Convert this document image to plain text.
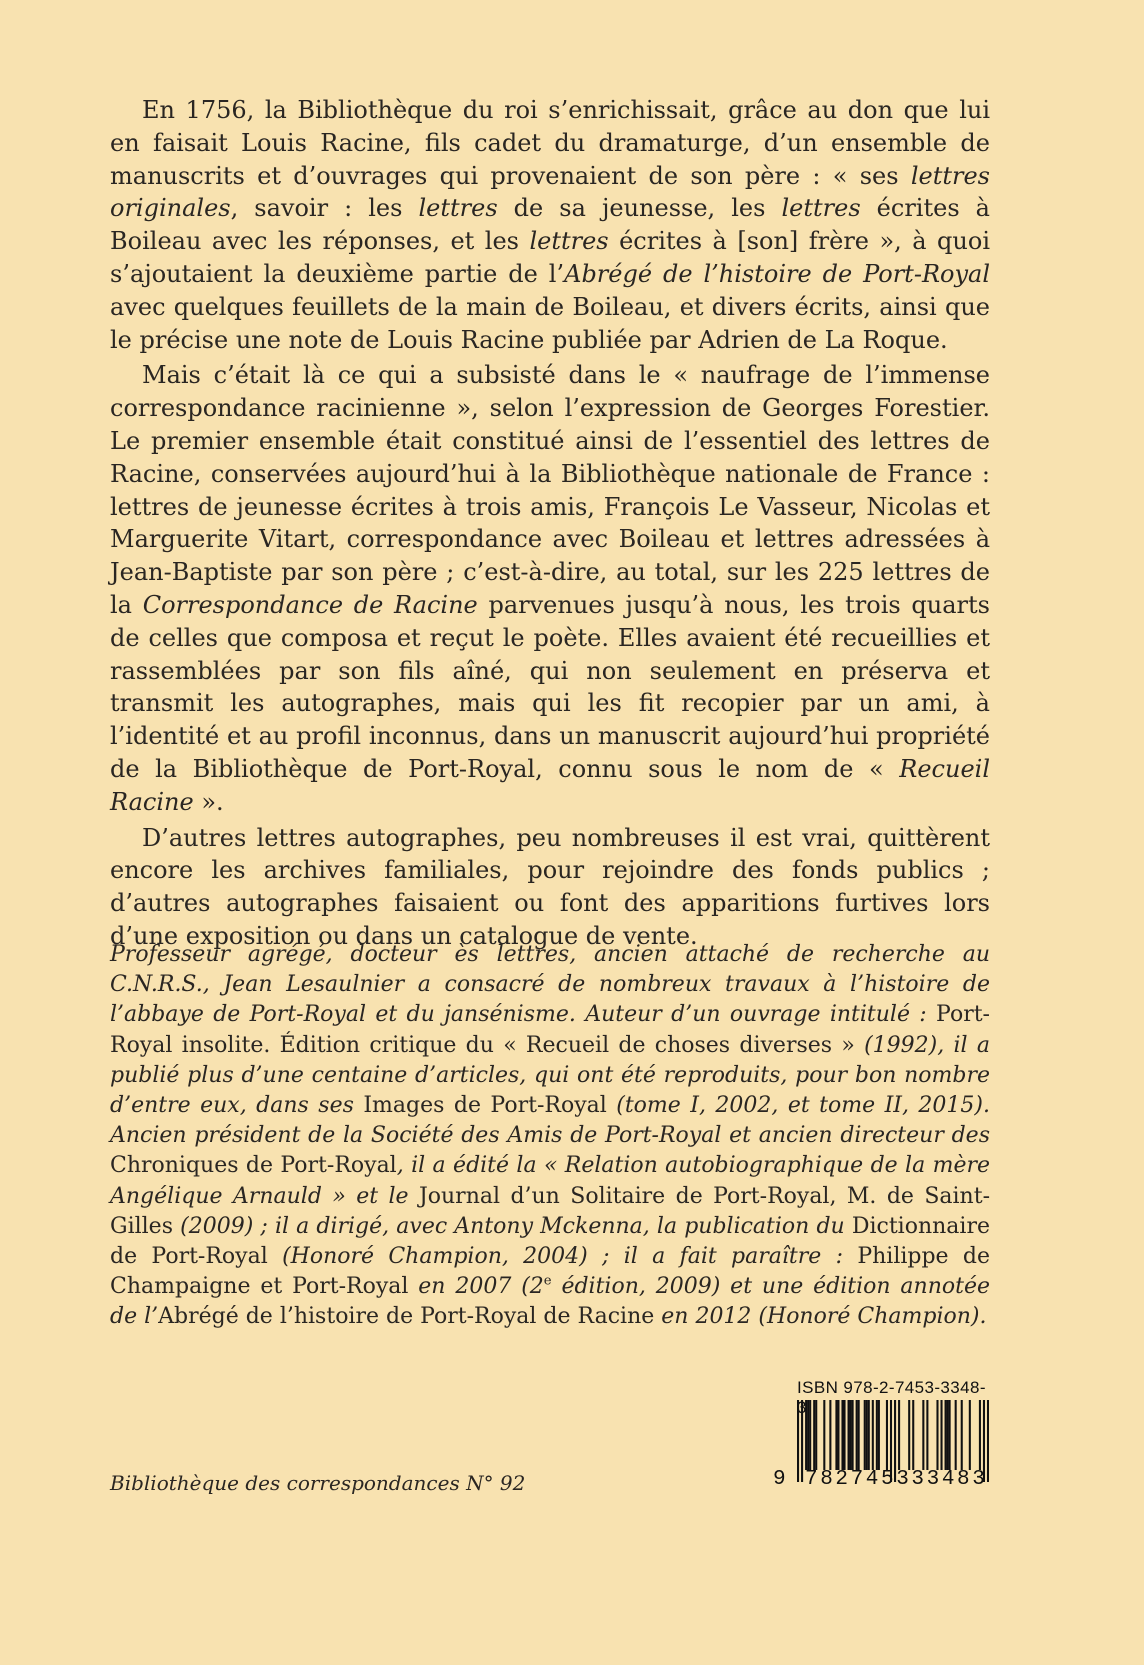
En 1756, la Bibliothèque du roi s’enrichissait, grâce au don que lui en faisait Louis Racine, fils cadet du dramaturge, d’un ensemble de manuscrits et d’ouvrages qui provenaient de son père : « ses lettres originales, savoir : les lettres de sa jeunesse, les lettres écrites à Boileau avec les réponses, et les lettres écrites à [son] frère », à quoi s’ajoutaient la deuxième partie de l’Abrégé de l’histoire de Port-Royal avec quelques feuillets de la main de Boileau, et divers écrits, ainsi que le précise une note de Louis Racine publiée par Adrien de La Roque.

Mais c’était là ce qui a subsisté dans le « naufrage de l’immense correspondance racinienne », selon l’expression de Georges Forestier. Le premier ensemble était constitué ainsi de l’essentiel des lettres de Racine, conservées aujourd’hui à la Bibliothèque nationale de France : lettres de jeunesse écrites à trois amis, François Le Vasseur, Nicolas et Marguerite Vitart, correspondance avec Boileau et lettres adressées à Jean-Baptiste par son père ; c’est-à-dire, au total, sur les 225 lettres de la Correspondance de Racine parvenues jusqu’à nous, les trois quarts de celles que composa et reçut le poète. Elles avaient été recueillies et rassemblées par son fils aîné, qui non seulement en préserva et transmit les autographes, mais qui les fit recopier par un ami, à l’identité et au profil inconnus, dans un manuscrit aujourd’hui propriété de la Bibliothèque de Port-Royal, connu sous le nom de « Recueil Racine ».

D’autres lettres autographes, peu nombreuses il est vrai, quittèrent encore les archives familiales, pour rejoindre des fonds publics ; d’autres autographes faisaient ou font des apparitions furtives lors d’une exposition ou dans un catalogue de vente.

Professeur agrégé, docteur ès lettres, ancien attaché de recherche au C.N.R.S., Jean Lesaulnier a consacré de nombreux travaux à l’histoire de l’abbaye de Port-Royal et du jansénisme. Auteur d’un ouvrage intitulé : Port-Royal insolite. Édition critique du « Recueil de choses diverses » (1992), il a publié plus d’une centaine d’articles, qui ont été reproduits, pour bon nombre d’entre eux, dans ses Images de Port-Royal (tome I, 2002, et tome II, 2015). Ancien président de la Société des Amis de Port-Royal et ancien directeur des Chroniques de Port-Royal, il a édité la « Relation autobiographique de la mère Angélique Arnauld » et le Journal d’un Solitaire de Port-Royal, M. de Saint-Gilles (2009) ; il a dirigé, avec Antony Mckenna, la publication du Dictionnaire de Port-Royal (Honoré Champion, 2004) ; il a fait paraître : Philippe de Champaigne et Port-Royal en 2007 (2e édition, 2009) et une édition annotée de l’Abrégé de l’histoire de Port-Royal de Racine en 2012 (Honoré Champion).

Bibliothèque des correspondances N° 92
ISBN 978-2-7453-3348-3
9 782745333483
